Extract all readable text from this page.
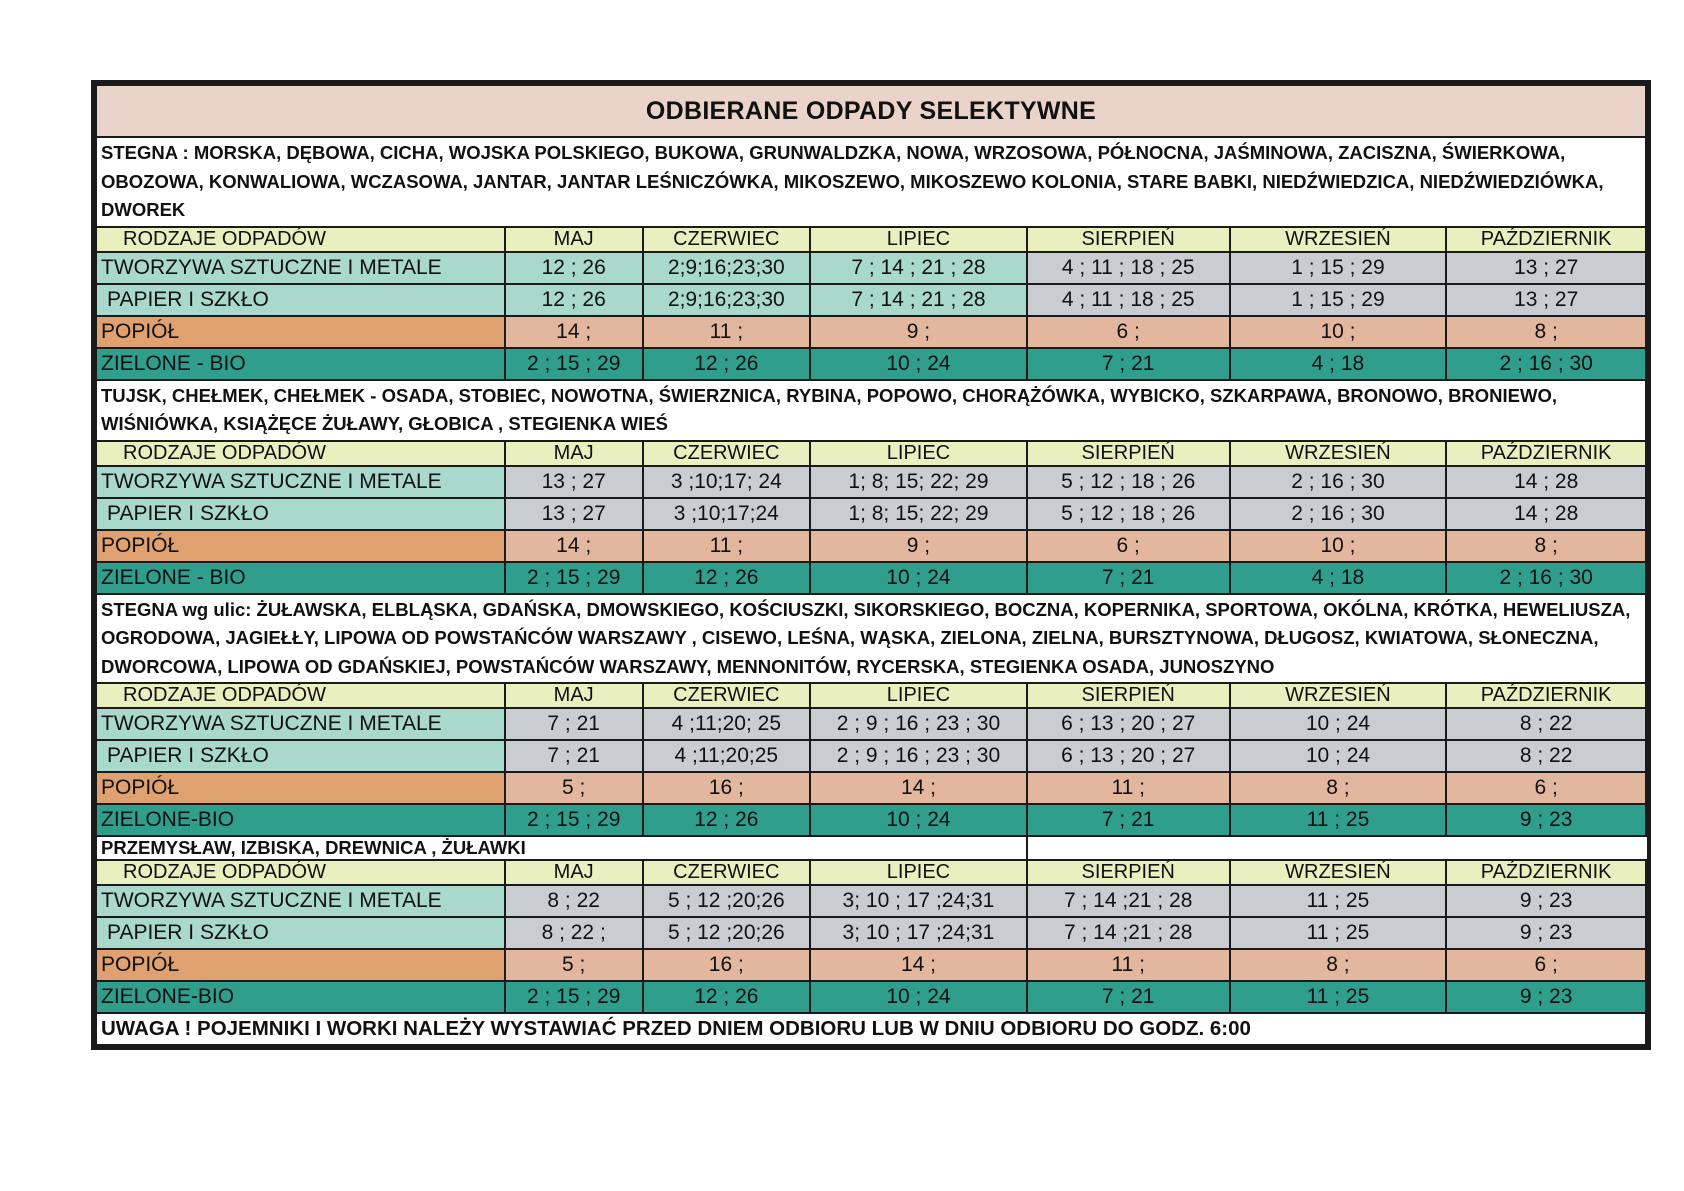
ODBIERANE ODPADY SELEKTYWNE						
STEGNA : MORSKA, DĘBOWA, CICHA, WOJSKA POLSKIEGO, BUKOWA, GRUNWALDZKA, NOWA, WRZOSOWA, PÓŁNOCNA, JAŚMINOWA, ZACISZNA, ŚWIERKOWA, OBOZOWA, KONWALIOWA, WCZASOWA, JANTAR, JANTAR LEŚNICZÓWKA, MIKOSZEWO, MIKOSZEWO KOLONIA, STARE BABKI, NIEDŹWIEDZICA, NIEDŹWIEDZIÓWKA, DWOREK						
RODZAJE ODPADÓW	MAJ	CZERWIEC	LIPIEC	SIERPIEŃ	WRZESIEŃ	PAŹDZIERNIK
TWORZYWA SZTUCZNE I METALE	12 ; 26	2;9;16;23;30	7 ; 14 ; 21 ; 28	4 ; 11 ; 18 ; 25	1 ; 15 ; 29	13 ; 27
PAPIER I SZKŁO	12 ; 26	2;9;16;23;30	7 ; 14 ; 21 ; 28	4 ; 11 ; 18 ; 25	1 ; 15 ; 29	13 ; 27
POPIÓŁ	14 ;	11 ;	9 ;	6 ;	10 ;	8 ;
ZIELONE - BIO	2 ; 15 ; 29	12 ; 26	10 ; 24	7 ; 21	4 ; 18	2 ; 16 ; 30
TUJSK, CHEŁMEK, CHEŁMEK - OSADA, STOBIEC, NOWOTNA, ŚWIERZNICA, RYBINA, POPOWO, CHORĄŻÓWKA, WYBICKO, SZKARPAWA, BRONOWO, BRONIEWO, WIŚNIÓWKA, KSIĄŻĘCE ŻUŁAWY, GŁOBICA , STEGIENKA WIEŚ						
RODZAJE ODPADÓW	MAJ	CZERWIEC	LIPIEC	SIERPIEŃ	WRZESIEŃ	PAŹDZIERNIK
TWORZYWA SZTUCZNE I METALE	13 ; 27	3 ;10;17; 24	1; 8; 15; 22; 29	5 ; 12 ; 18 ; 26	2 ; 16 ; 30	14 ; 28
PAPIER I SZKŁO	13 ; 27	3 ;10;17;24	1; 8; 15; 22; 29	5 ; 12 ; 18 ; 26	2 ; 16 ; 30	14 ; 28
POPIÓŁ	14 ;	11 ;	9 ;	6 ;	10 ;	8 ;
ZIELONE - BIO	2 ; 15 ; 29	12 ; 26	10 ; 24	7 ; 21	4 ; 18	2 ; 16 ; 30
STEGNA wg ulic: ŻUŁAWSKA, ELBLĄSKA, GDAŃSKA, DMOWSKIEGO, KOŚCIUSZKI, SIKORSKIEGO, BOCZNA, KOPERNIKA, SPORTOWA, OKÓLNA, KRÓTKA, HEWELIUSZA, OGRODOWA, JAGIEŁŁY, LIPOWA OD POWSTAŃCÓW WARSZAWY , CISEWO, LEŚNA, WĄSKA, ZIELONA, ZIELNA, BURSZTYNOWA, DŁUGOSZ, KWIATOWA, SŁONECZNA, DWORCOWA, LIPOWA OD GDAŃSKIEJ, POWSTAŃCÓW WARSZAWY, MENNONITÓW, RYCERSKA, STEGIENKA OSADA, JUNOSZYNO						
RODZAJE ODPADÓW	MAJ	CZERWIEC	LIPIEC	SIERPIEŃ	WRZESIEŃ	PAŹDZIERNIK
TWORZYWA SZTUCZNE I METALE	7 ; 21	4 ;11;20; 25	2 ; 9 ; 16 ; 23 ; 30	6 ; 13 ; 20 ; 27	10 ; 24	8 ; 22
PAPIER I SZKŁO	7 ; 21	4 ;11;20;25	2 ; 9 ; 16 ; 23 ; 30	6 ; 13 ; 20 ; 27	10 ; 24	8 ; 22
POPIÓŁ	5 ;	16 ;	14 ;	11 ;	8 ;	6 ;
ZIELONE-BIO	2 ; 15 ; 29	12 ; 26	10 ; 24	7 ; 21	11 ; 25	9 ; 23
PRZEMYSŁAW, IZBISKA, DREWNICA , ŻUŁAWKI						
RODZAJE ODPADÓW	MAJ	CZERWIEC	LIPIEC	SIERPIEŃ	WRZESIEŃ	PAŹDZIERNIK
TWORZYWA SZTUCZNE I METALE	8 ; 22	5 ; 12 ;20;26	3; 10 ; 17 ;24;31	7 ; 14 ;21 ; 28	11 ; 25	9 ; 23
PAPIER I SZKŁO	8 ; 22 ;	5 ; 12 ;20;26	3; 10 ; 17 ;24;31	7 ; 14 ;21 ; 28	11 ; 25	9 ; 23
POPIÓŁ	5 ;	16 ;	14 ;	11 ;	8 ;	6 ;
ZIELONE-BIO	2 ; 15 ; 29	12 ; 26	10 ; 24	7 ; 21	11 ; 25	9 ; 23
UWAGA ! POJEMNIKI I WORKI NALEŻY WYSTAWIAĆ PRZED DNIEM ODBIORU LUB W DNIU ODBIORU DO GODZ. 6:00						
